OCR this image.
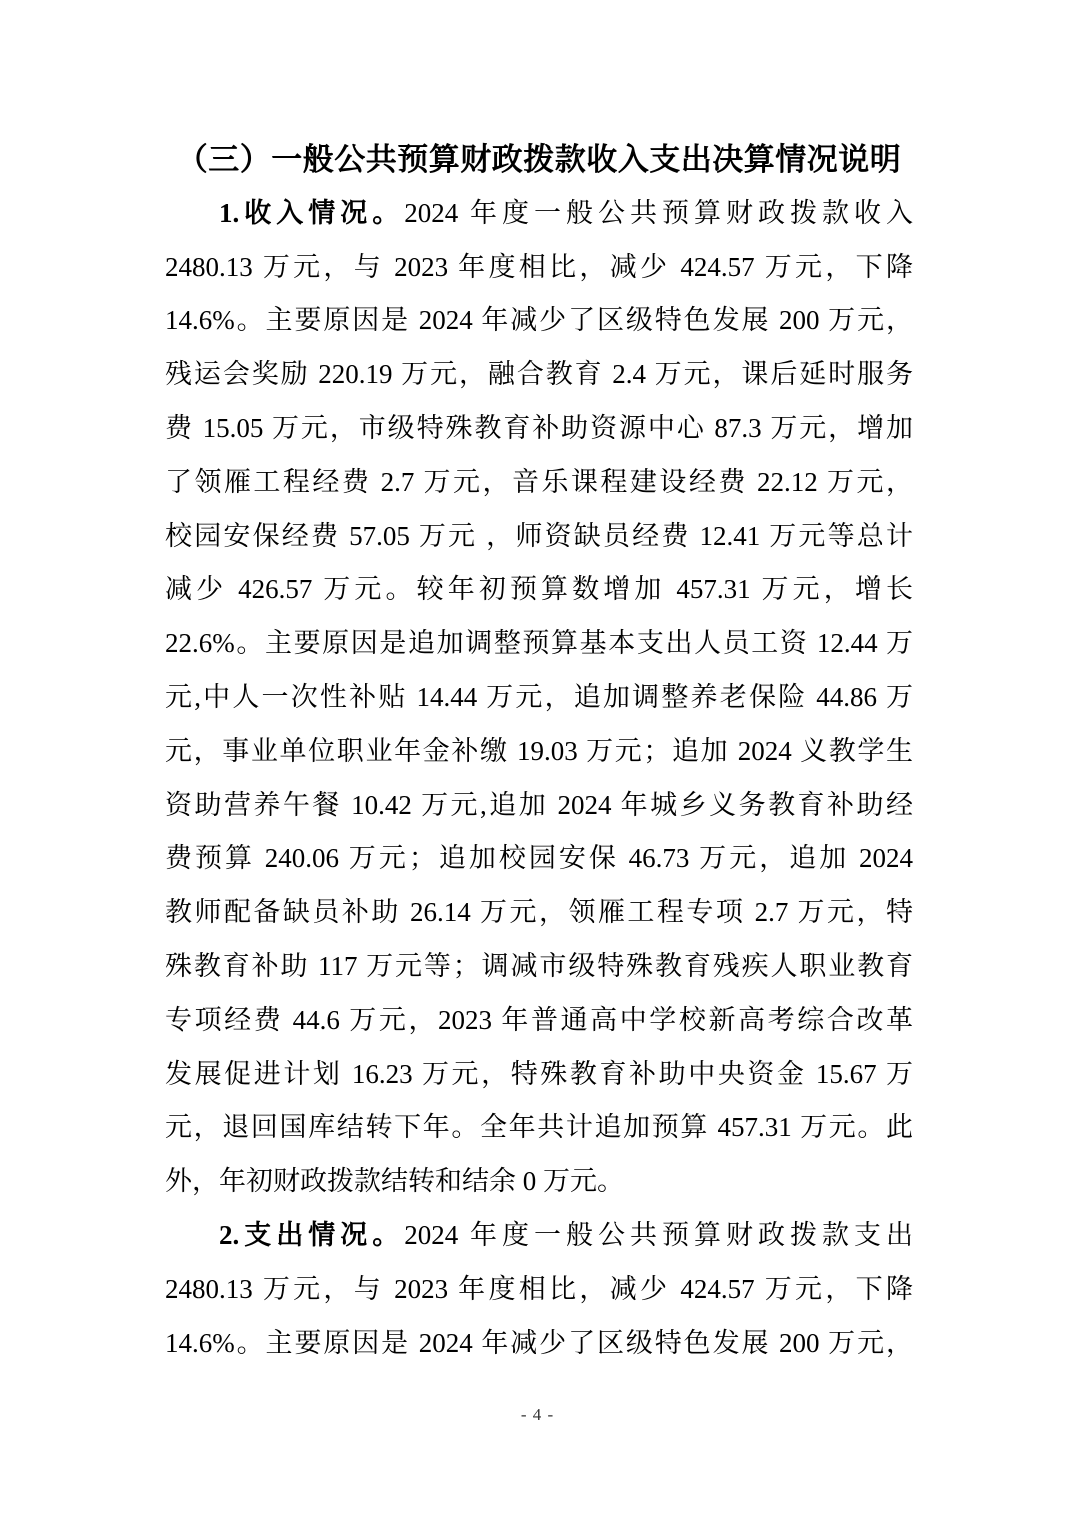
（三）一般公共预算财政拨款收入支出决算情况说明
1.收入情况。2024 年度一般公共预算财政拨款收入
2480.13 万元，与 2023 年度相比，减少 424.57 万元，下降
14.6%。主要原因是 2024 年减少了区级特色发展 200 万元，
残运会奖励 220.19 万元，融合教育 2.4 万元，课后延时服务
费 15.05 万元，市级特殊教育补助资源中心 87.3 万元，增加
了领雁工程经费 2.7 万元，音乐课程建设经费 22.12 万元，
校园安保经费 57.05 万元 ，师资缺员经费 12.41 万元等总计
减少 426.57 万元。较年初预算数增加 457.31 万元，增长
22.6%。主要原因是追加调整预算基本支出人员工资 12.44 万
元,中人一次性补贴 14.44 万元，追加调整养老保险 44.86 万
元，事业单位职业年金补缴 19.03 万元；追加 2024 义教学生
资助营养午餐 10.42 万元,追加 2024 年城乡义务教育补助经
费预算 240.06 万元；追加校园安保 46.73 万元，追加 2024
教师配备缺员补助 26.14 万元，领雁工程专项 2.7 万元，特
殊教育补助 117 万元等；调减市级特殊教育残疾人职业教育
专项经费 44.6 万元，2023 年普通高中学校新高考综合改革
发展促进计划 16.23 万元，特殊教育补助中央资金 15.67 万
元，退回国库结转下年。全年共计追加预算 457.31 万元。此
外，年初财政拨款结转和结余 0 万元。
2.支出情况。2024 年度一般公共预算财政拨款支出
2480.13 万元，与 2023 年度相比，减少 424.57 万元，下降
14.6%。主要原因是 2024 年减少了区级特色发展 200 万元，
- 4 -
